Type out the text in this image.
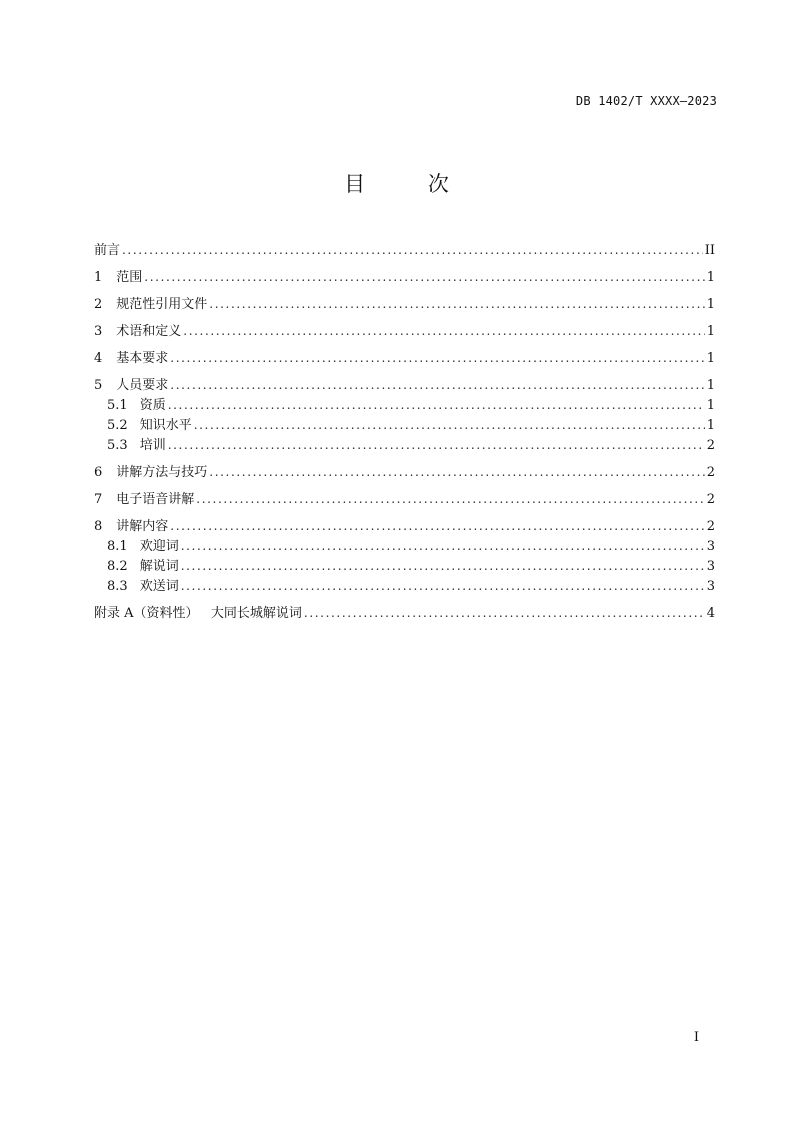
DB 1402/T XXXX—2023
目 次
前言 .....	II
1 范围 .....	1
2 规范性引用文件 .....	1
3 术语和定义 .....	1
4 基本要求 .....	1
5 人员要求 .....	1
5.1 资质 .....	1
5.2 知识水平 .....	1
5.3 培训 .....	2
6 讲解方法与技巧 .....	2
7 电子语音讲解 .....	2
8 讲解内容 .....	2
8.1 欢迎词 .....	3
8.2 解说词 .....	3
8.3 欢送词 .....	3
附录 A（资料性）   大同长城解说词 .....	4
I
